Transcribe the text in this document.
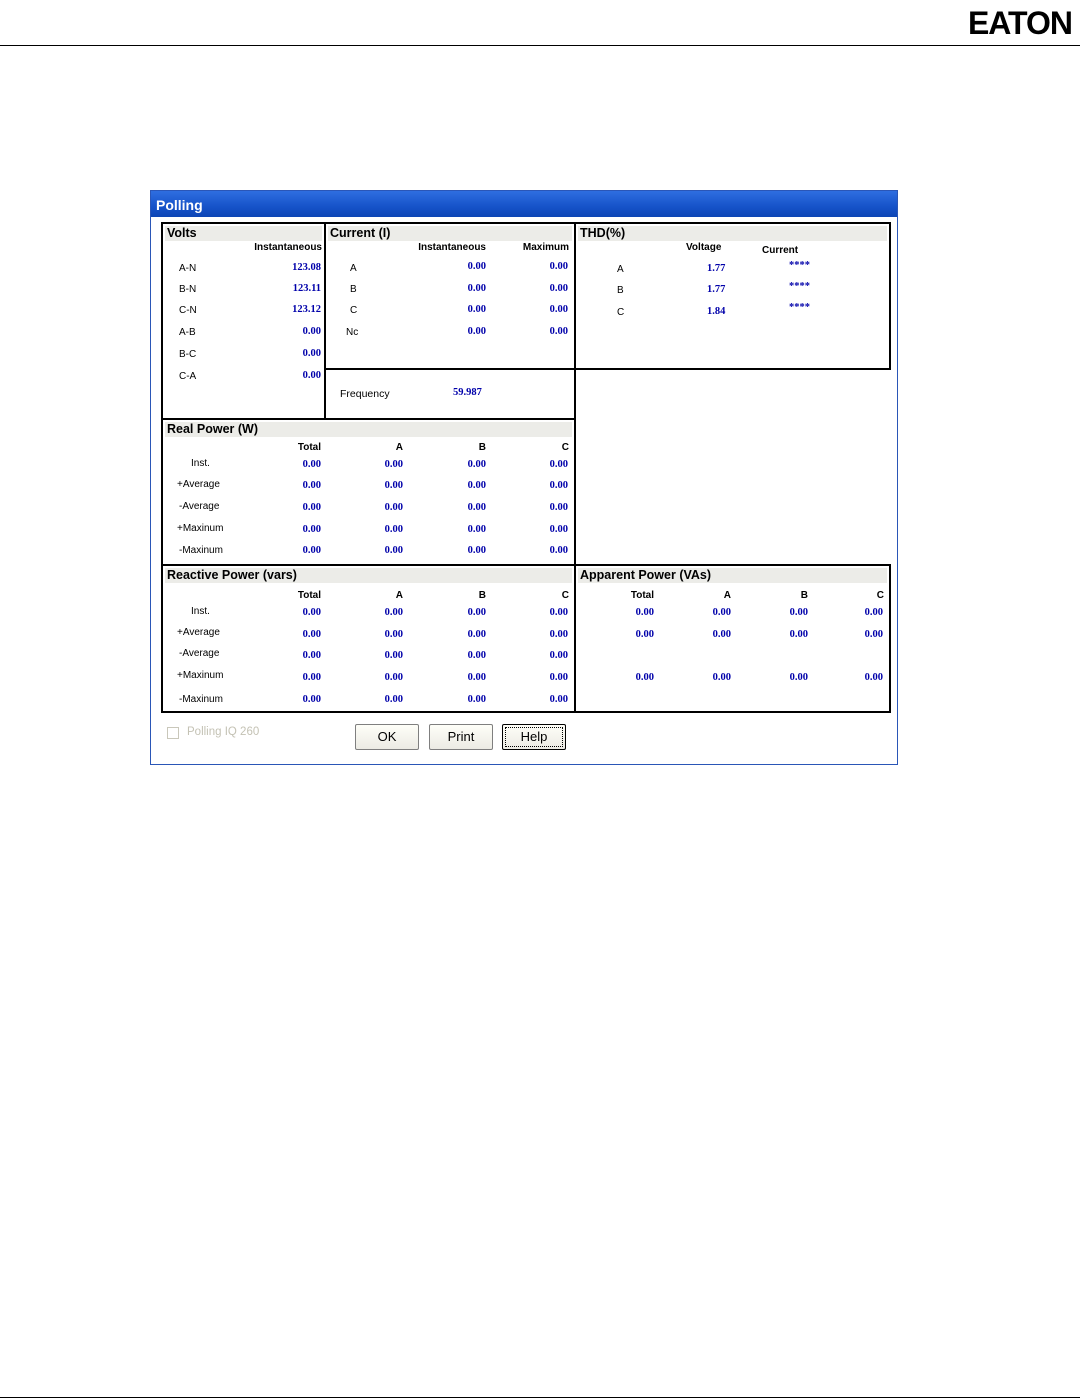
EATON
Polling
Volts
Instantaneous
A-N	123.08
B-N	123.11
C-N	123.12
A-B	0.00
B-C	0.00
C-A	0.00
Current (I)
Instantaneous	Maximum
A	0.00	0.00
B	0.00	0.00
C	0.00	0.00
Nc	0.00	0.00
THD(%)
Voltage	Current
A	1.77	****
B	1.77	****
C	1.84	****
Frequency	59.987
Real Power (W)
Total	A	B	C
Inst.	0.00	0.00	0.00	0.00
+Average	0.00	0.00	0.00	0.00
-Average	0.00	0.00	0.00	0.00
+Maxinum	0.00	0.00	0.00	0.00
-Maxinum	0.00	0.00	0.00	0.00
Reactive Power (vars)
Total	A	B	C
Inst.	0.00	0.00	0.00	0.00
+Average	0.00	0.00	0.00	0.00
-Average	0.00	0.00	0.00	0.00
+Maxinum	0.00	0.00	0.00	0.00
-Maxinum	0.00	0.00	0.00	0.00
Apparent Power (VAs)
Total	A	B	C
0.00	0.00	0.00	0.00
0.00	0.00	0.00	0.00
0.00	0.00	0.00	0.00
Polling IQ 260	OK	Print	Help
